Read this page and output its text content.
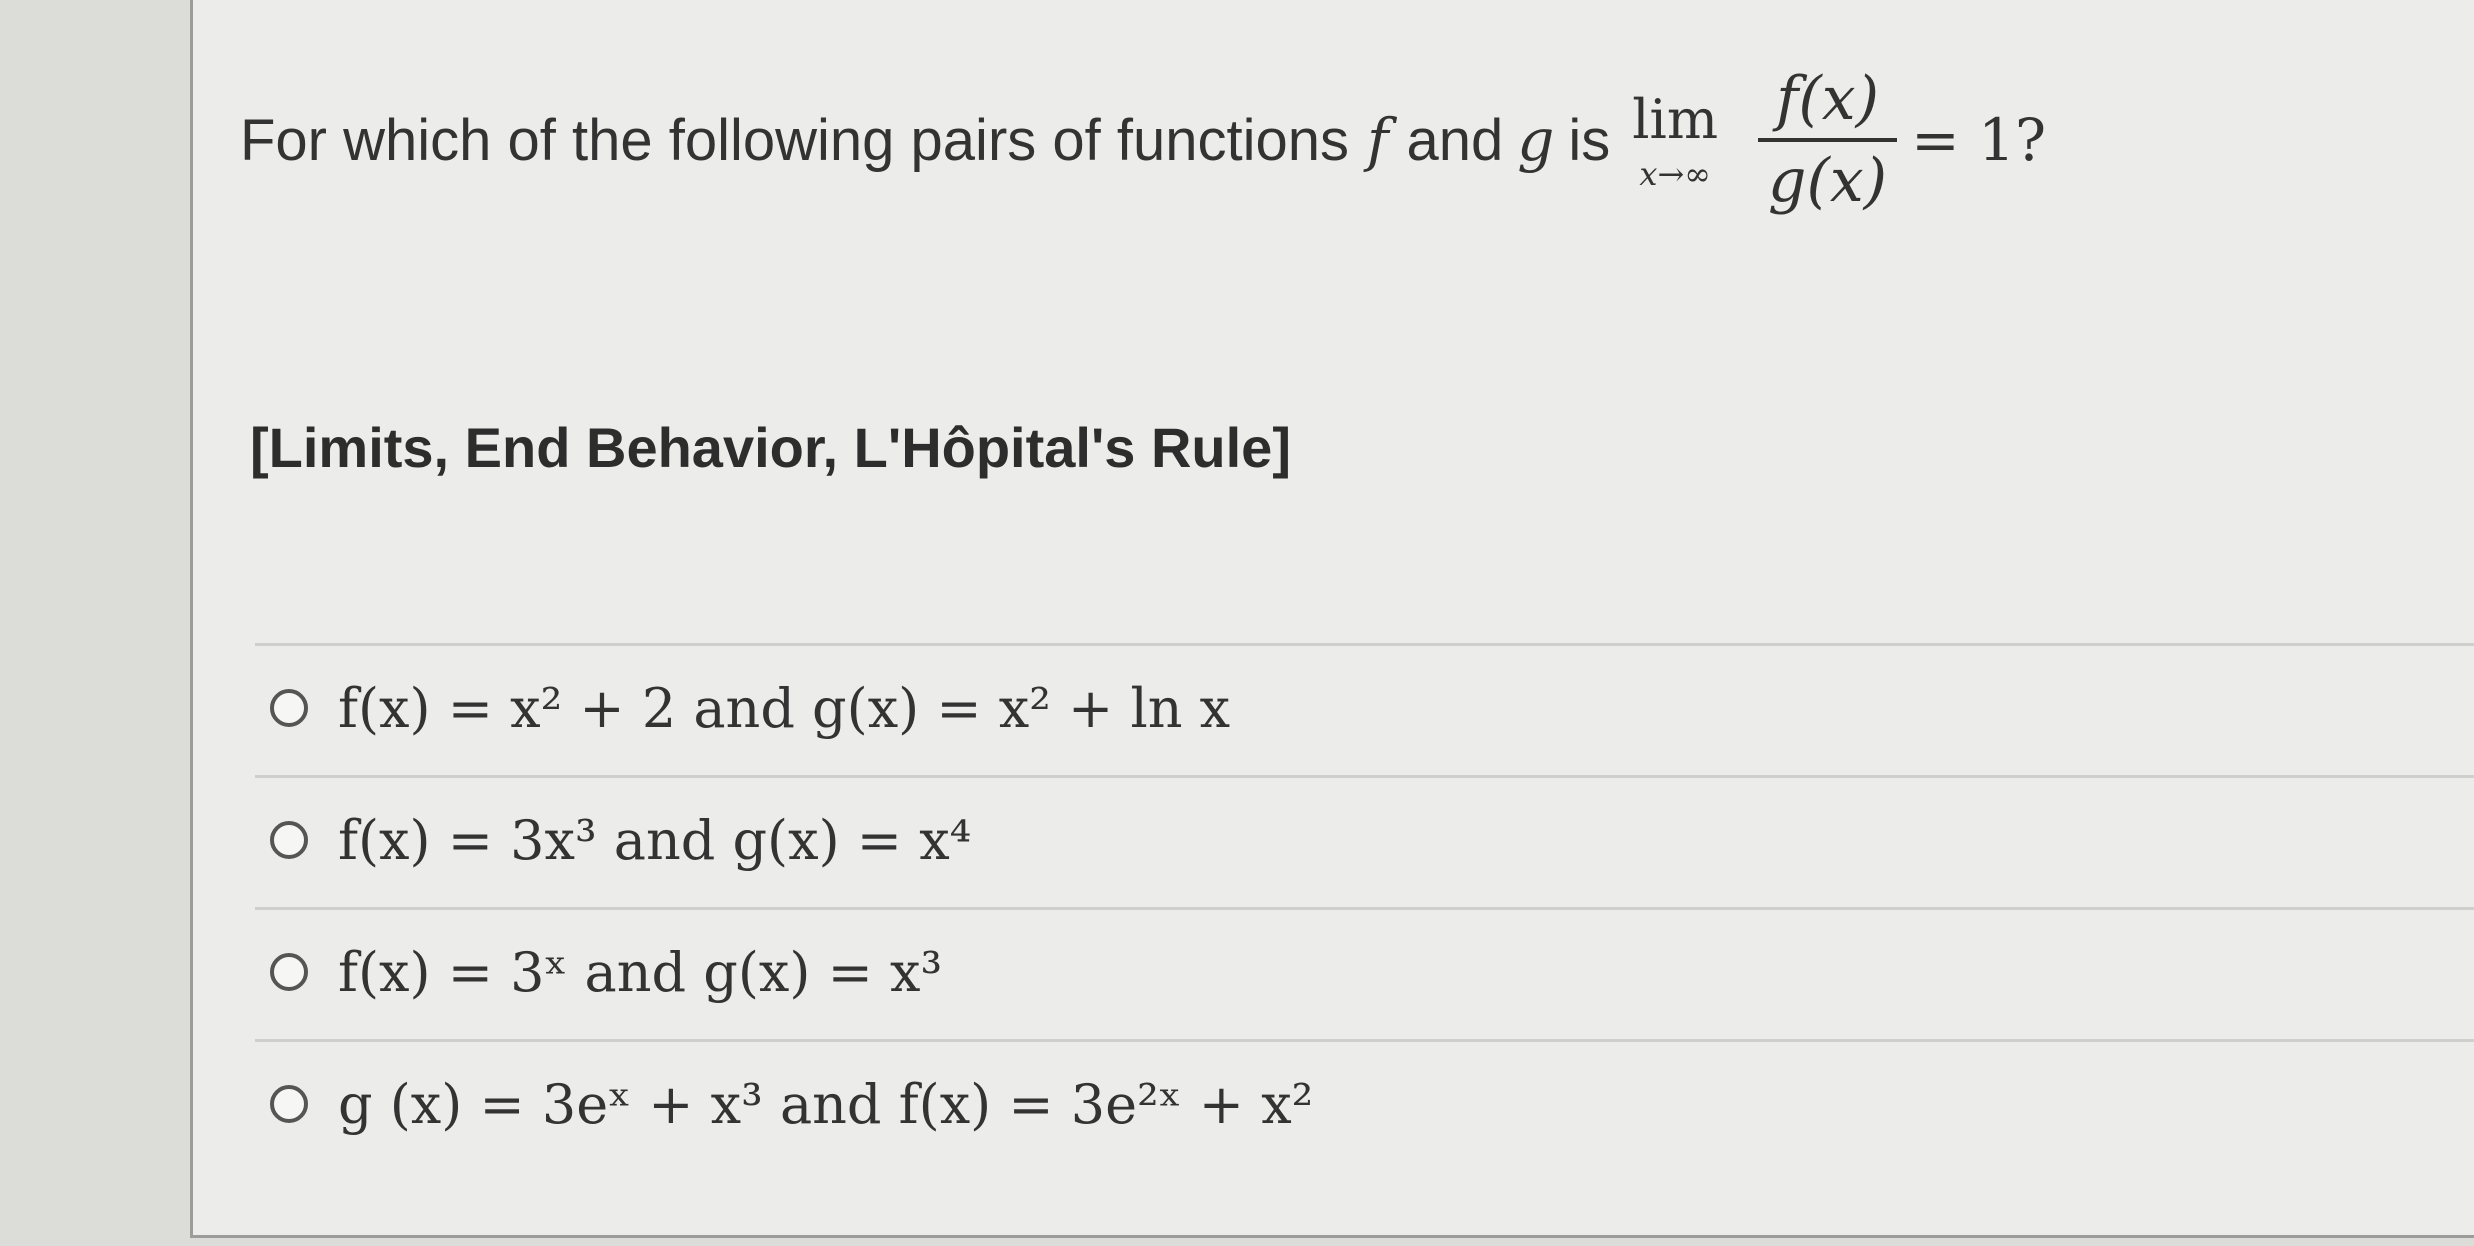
For which of the following pairs of functions f and g is lim
$x\to\infty \frac{f(x)}{g(x)} = 1$?
[Limits, End Behavior, L'Hôpital's Rule]
f(x) = x² + 2 and g(x) = x² + ln x
f(x) = 3x³ and g(x) = x⁴
f(x) = 3ˣ and g(x) = x³
g (x) = 3eˣ + x³ and f(x) = 3e²ˣ + x²
